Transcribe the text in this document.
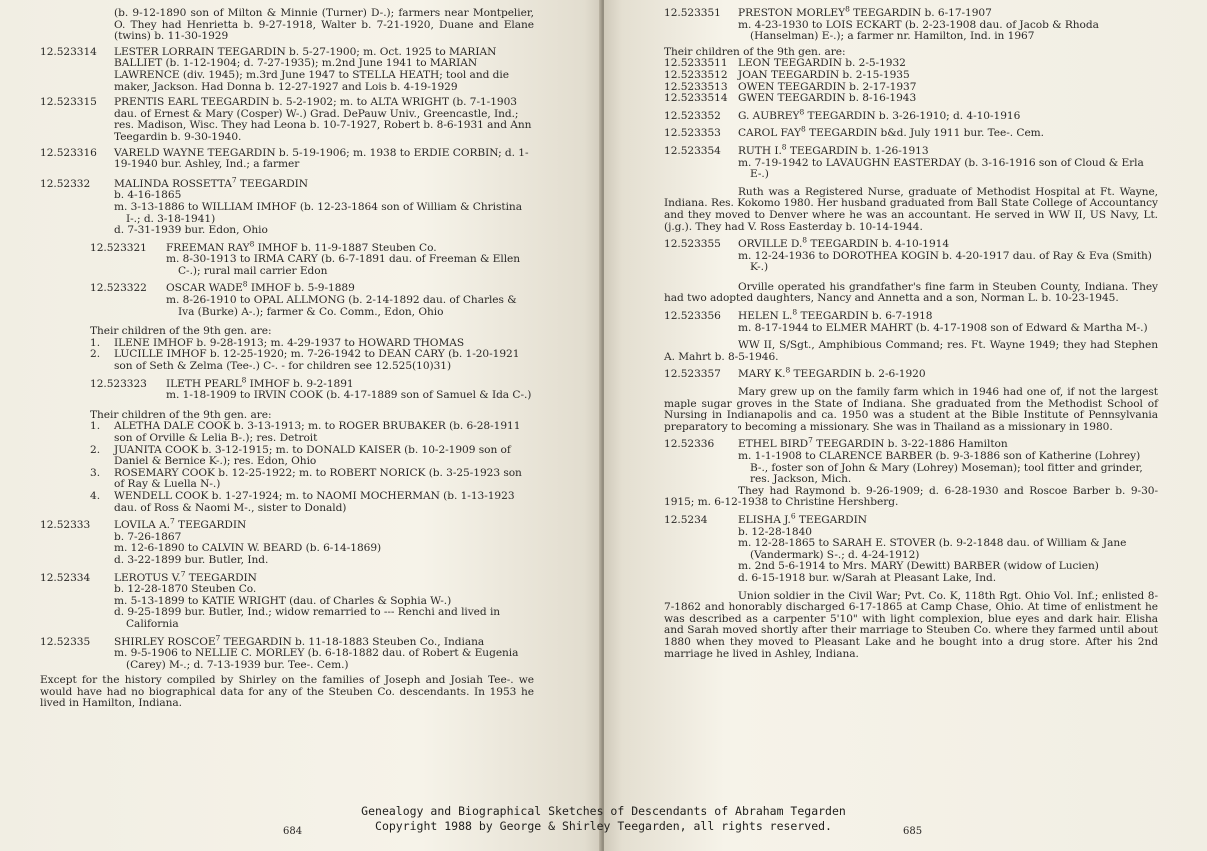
(b. 9-12-1890 son of Milton & Minnie (Turner) D-.); farmers near Montpelier, O. They had Henrietta b. 9-27-1918, Walter b. 7-21-1920, Duane and Elane (twins) b. 11-30-1929
12.523314	LESTER LORRAIN TEEGARDIN b. 5-27-1900; m. Oct. 1925 to MARIAN BALLIET (b. 1-12-1904; d. 7-27-1935); m.2nd June 1941 to MARIAN LAWRENCE (div. 1945); m.3rd June 1947 to STELLA HEATH; tool and die maker, Jackson. Had Donna b. 12-27-1927 and Lois b. 4-19-1929
12.523315	PRENTIS EARL TEEGARDIN b. 5-2-1902; m. to ALTA WRIGHT (b. 7-1-1903 dau. of Ernest & Mary (Cosper) W-.) Grad. DePauw Univ., Greencastle, Ind.; res. Madison, Wisc. They had Leona b. 10-7-1927, Robert b. 8-6-1931 and Ann Teegardin b. 9-30-1940.
12.523316	VARELD WAYNE TEEGARDIN b. 5-19-1906; m. 1938 to ERDIE CORBIN; d. 1-19-1940 bur. Ashley, Ind.; a farmer
12.52332	MALINDA ROSSETTA$^7$ TEEGARDIN
b. 4-16-1865
m. 3-13-1886 to WILLIAM IMHOF (b. 12-23-1864 son of William & Christina I-.; d. 3-18-1941)
d. 7-31-1939 bur. Edon, Ohio
12.523321	FREEMAN RAY$^8$ IMHOF b. 11-9-1887 Steuben Co.
m. 8-30-1913 to IRMA CARY (b. 6-7-1891 dau. of Freeman & Ellen C-.); rural mail carrier Edon
12.523322	OSCAR WADE$^8$ IMHOF b. 5-9-1889
m. 8-26-1910 to OPAL ALLMONG (b. 2-14-1892 dau. of Charles & Iva (Burke) A-.); farmer & Co. Comm., Edon, Ohio
Their children of the 9th gen. are:
1.	ILENE IMHOF b. 9-28-1913; m. 4-29-1937 to HOWARD THOMAS
2.	LUCILLE IMHOF b. 12-25-1920; m. 7-26-1942 to DEAN CARY (b. 1-20-1921 son of Seth & Zelma (Tee-.) C-. - for children see 12.525(10)31)
12.523323	ILETH PEARL$^8$ IMHOF b. 9-2-1891
m. 1-18-1909 to IRVIN COOK (b. 4-17-1889 son of Samuel & Ida C-.)
Their children of the 9th gen. are:
1.	ALETHA DALE COOK b. 3-13-1913; m. to ROGER BRUBAKER (b. 6-28-1911 son of Orville & Lelia B-.); res. Detroit
2.	JUANITA COOK b. 3-12-1915; m. to DONALD KAISER (b. 10-2-1909 son of Daniel & Bernice K-.); res. Edon, Ohio
3.	ROSEMARY COOK b. 12-25-1922; m. to ROBERT NORICK (b. 3-25-1923 son of Ray & Luella N-.)
4.	WENDELL COOK b. 1-27-1924; m. to NAOMI MOCHERMAN (b. 1-13-1923 dau. of Ross & Naomi M-., sister to Donald)
12.52333	LOVILA A.$^7$ TEEGARDIN
b. 7-26-1867
m. 12-6-1890 to CALVIN W. BEARD (b. 6-14-1869)
d. 3-22-1899 bur. Butler, Ind.
12.52334	LEROTUS V.$^7$ TEEGARDIN
b. 12-28-1870 Steuben Co.
m. 5-13-1899 to KATIE WRIGHT (dau. of Charles & Sophia W-.)
d. 9-25-1899 bur. Butler, Ind.; widow remarried to --- Renchi and lived in California
12.52335	SHIRLEY ROSCOE$^7$ TEEGARDIN b. 11-18-1883 Steuben Co., Indiana
m. 9-5-1906 to NELLIE C. MORLEY (b. 6-18-1882 dau. of Robert & Eugenia (Carey) M-.; d. 7-13-1939 bur. Tee-. Cem.)
Except for the history compiled by Shirley on the families of Joseph and Josiah Tee-. we would have had no biographical data for any of the Steuben Co. descendants. In 1953 he lived in Hamilton, Indiana.
684
12.523351	PRESTON MORLEY$^8$ TEEGARDIN b. 6-17-1907
m. 4-23-1930 to LOIS ECKART (b. 2-23-1908 dau. of Jacob & Rhoda (Hanselman) E-.); a farmer nr. Hamilton, Ind. in 1967
Their children of the 9th gen. are:
12.5233511 LEON TEEGARDIN b. 2-5-1932
12.5233512 JOAN TEEGARDIN b. 2-15-1935
12.5233513 OWEN TEEGARDIN b. 2-17-1937
12.5233514 GWEN TEEGARDIN b. 8-16-1943
12.523352	G. AUBREY$^8$ TEEGARDIN b. 3-26-1910; d. 4-10-1916
12.523353	CAROL FAY$^8$ TEEGARDIN b&d. July 1911 bur. Tee-. Cem.
12.523354	RUTH I.$^8$ TEEGARDIN b. 1-26-1913
m. 7-19-1942 to LAVAUGHN EASTERDAY (b. 3-16-1916 son of Cloud & Erla E-.)
Ruth was a Registered Nurse, graduate of Methodist Hospital at Ft. Wayne, Indiana. Res. Kokomo 1980. Her husband graduated from Ball State College of Accountancy and they moved to Denver where he was an accountant. He served in WW II, US Navy, Lt. (j.g.). They had V. Ross Easterday b. 10-14-1944.
12.523355	ORVILLE D.$^8$ TEEGARDIN b. 4-10-1914
m. 12-24-1936 to DOROTHEA KOGIN b. 4-20-1917 dau. of Ray & Eva (Smith) K-.)
Orville operated his grandfather's fine farm in Steuben County, Indiana. They had two adopted daughters, Nancy and Annetta and a son, Norman L. b. 10-23-1945.
12.523356	HELEN L.$^8$ TEEGARDIN b. 6-7-1918
m. 8-17-1944 to ELMER MAHRT (b. 4-17-1908 son of Edward & Martha M-.)
WW II, S/Sgt., Amphibious Command; res. Ft. Wayne 1949; they had Stephen A. Mahrt b. 8-5-1946.
12.523357	MARY K.$^8$ TEEGARDIN b. 2-6-1920
Mary grew up on the family farm which in 1946 had one of, if not the largest maple sugar groves in the State of Indiana. She graduated from the Methodist School of Nursing in Indianapolis and ca. 1950 was a student at the Bible Institute of Pennsylvania preparatory to becoming a missionary. She was in Thailand as a missionary in 1980.
12.52336	ETHEL BIRD$^7$ TEEGARDIN b. 3-22-1886 Hamilton
m. 1-1-1908 to CLARENCE BARBER (b. 9-3-1886 son of Katherine (Lohrey) B-., foster son of John & Mary (Lohrey) Moseman); tool fitter and grinder, res. Jackson, Mich.
They had Raymond b. 9-26-1909; d. 6-28-1930 and Roscoe Barber b. 9-30-1915; m. 6-12-1938 to Christine Hershberg.
12.5234	ELISHA J.$^6$ TEEGARDIN
b. 12-28-1840
m. 12-28-1865 to SARAH E. STOVER (b. 9-2-1848 dau. of William & Jane (Vandermark) S-.; d. 4-24-1912)
m. 2nd 5-6-1914 to Mrs. MARY (Dewitt) BARBER (widow of Lucien)
d. 6-15-1918 bur. w/Sarah at Pleasant Lake, Ind.
Union soldier in the Civil War; Pvt. Co. K, 118th Rgt. Ohio Vol. Inf.; enlisted 8-7-1862 and honorably discharged 6-17-1865 at Camp Chase, Ohio. At time of enlistment he was described as a carpenter 5'10" with light complexion, blue eyes and dark hair. Elisha and Sarah moved shortly after their marriage to Steuben Co. where they farmed until about 1880 when they moved to Pleasant Lake and he bought into a drug store. After his 2nd marriage he lived in Ashley, Indiana.
685
Genealogy and Biographical Sketches of Descendants of Abraham Tegarden
Copyright 1988 by George & Shirley Teegarden, all rights reserved.
